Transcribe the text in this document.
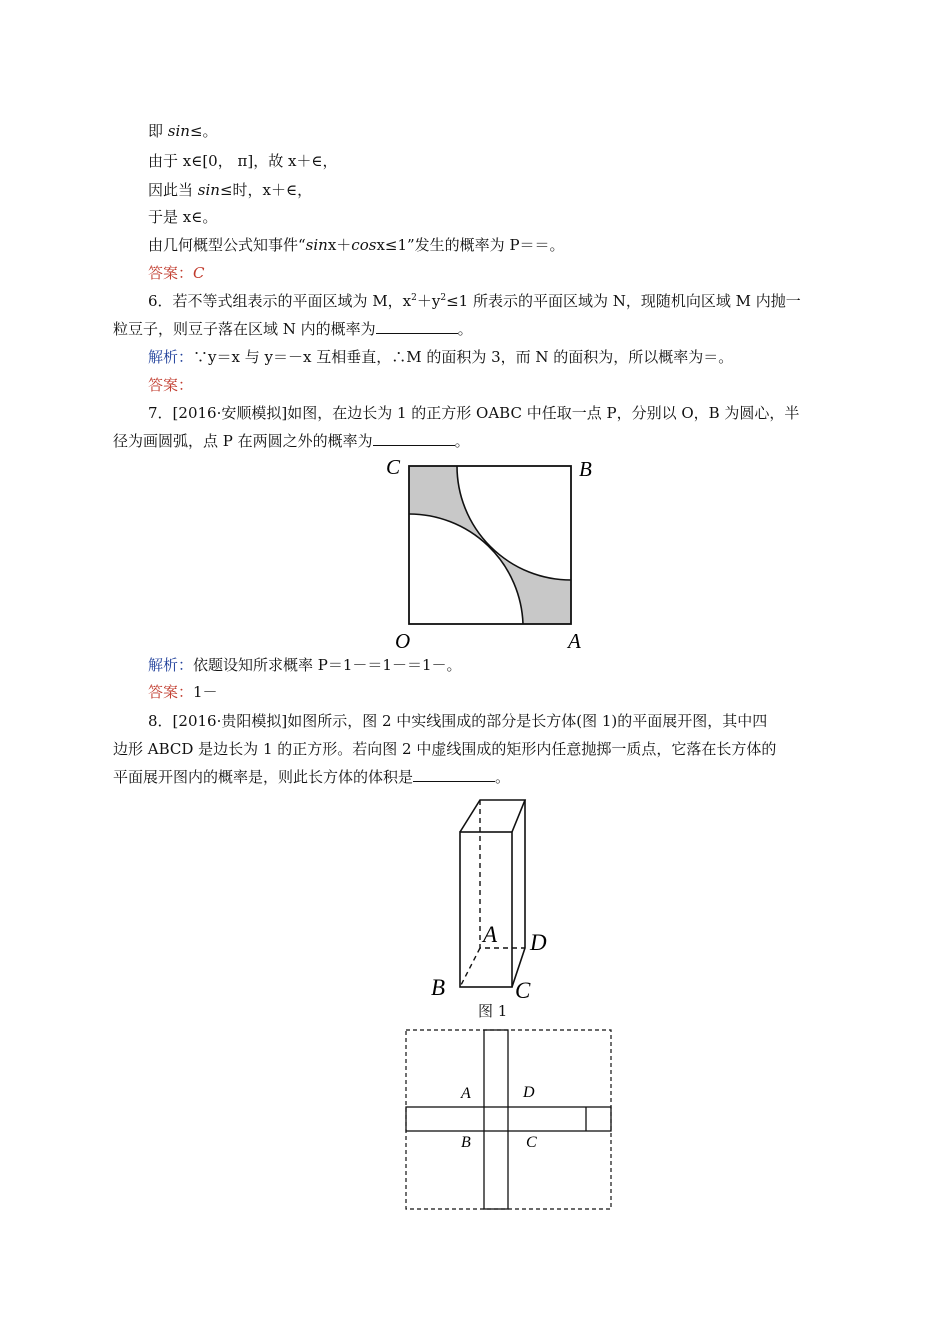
即 sin≤。
由于 x∈[0， π]，故 x＋∈，
因此当 sin≤时，x＋∈，
于是 x∈。
由几何概型公式知事件“sinx＋cosx≤1”发生的概率为 P＝＝。
答案：C
6．若不等式组表示的平面区域为 M，$x^2+y^2\le 1$ 所表示的平面区域为 N，现随机向区域 M 内抛一
粒豆子，则豆子落在区域 N 内的概率为	。
解析：∵y＝x 与 y＝－x 互相垂直，∴M 的面积为 3，而 N 的面积为，所以概率为＝。
答案：
7．[2016·安顺模拟]如图，在边长为 1 的正方形 OABC 中任取一点 P，分别以 O，B 为圆心，半
径为画圆弧，点 P 在两圆之外的概率为	。
C	B
O	A
解析：依题设知所求概率 P＝1－＝1－＝1－。
答案：1－
8．[2016·贵阳模拟]如图所示，图 2 中实线围成的部分是长方体(图 1)的平面展开图，其中四
边形 ABCD 是边长为 1 的正方形。若向图 2 中虚线围成的矩形内任意抛掷一质点，它落在长方体的
平面展开图内的概率是，则此长方体的体积是	。
A D
B	C
图 1
A	D
B	C
